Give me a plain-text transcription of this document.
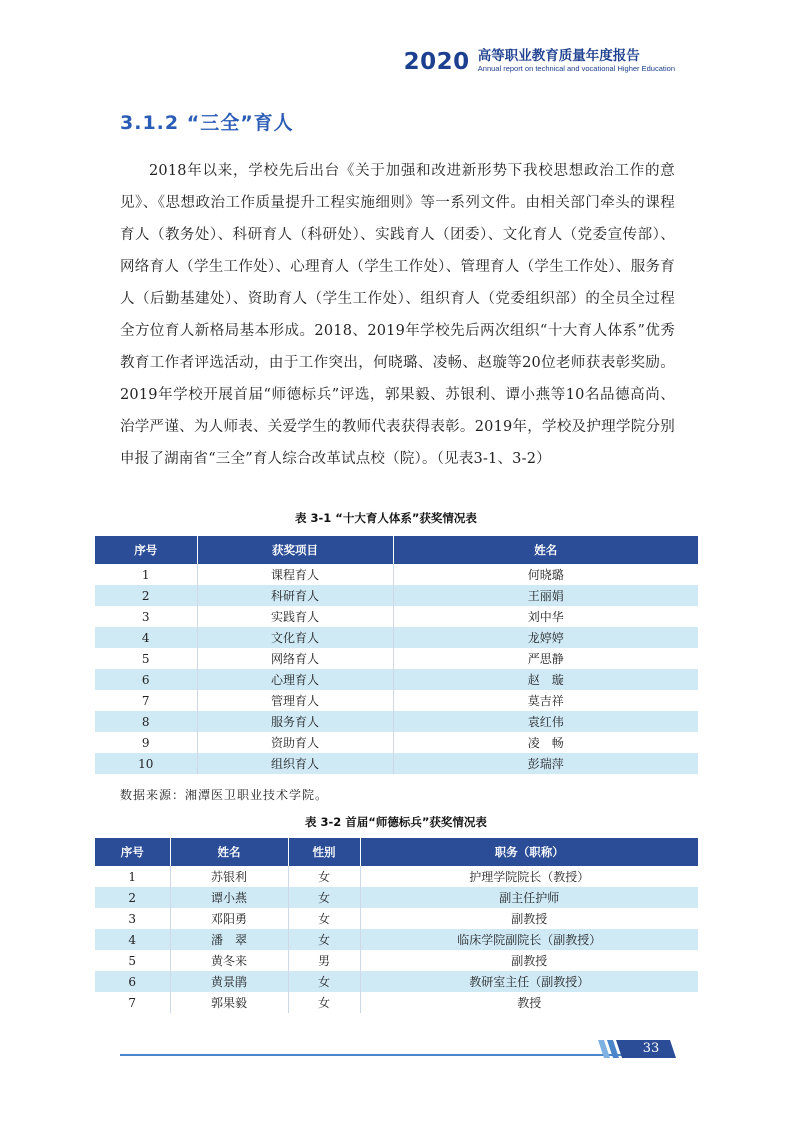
2020 高等职业教育质量年度报告
Annual report on technical and vocational Higher Education
3.1.2 “三全”育人
2018年以来，学校先后出台《关于加强和改进新形势下我校思想政治工作的意见》、《思想政治工作质量提升工程实施细则》等一系列文件。由相关部门牵头的课程育人（教务处）、科研育人（科研处）、实践育人（团委）、文化育人（党委宣传部）、网络育人（学生工作处）、心理育人（学生工作处）、管理育人（学生工作处）、服务育人（后勤基建处）、资助育人（学生工作处）、组织育人（党委组织部）的全员全过程全方位育人新格局基本形成。2018、2019年学校先后两次组织“十大育人体系”优秀教育工作者评选活动，由于工作突出，何晓璐、凌畅、赵璇等20位老师获表彰奖励。2019年学校开展首届“师德标兵”评选，郭果毅、苏银利、谭小燕等10名品德高尚、治学严谨、为人师表、关爱学生的教师代表获得表彰。2019年，学校及护理学院分别申报了湖南省“三全”育人综合改革试点校（院）。（见表3-1、3-2）
表 3-1 “十大育人体系”获奖情况表
序号	获奖项目	姓名
1	课程育人	何晓璐
2	科研育人	王丽娟
3	实践育人	刘中华
4	文化育人	龙婷婷
5	网络育人	严思静
6	心理育人	赵　璇
7	管理育人	莫吉祥
8	服务育人	袁红伟
9	资助育人	凌　畅
10	组织育人	彭瑞萍
数据来源：湘潭医卫职业技术学院。
表 3-2 首届“师德标兵”获奖情况表
序号	姓名	性别	职务（职称）
1	苏银利	女	护理学院院长（教授）
2	谭小燕	女	副主任护师
3	邓阳勇	女	副教授
4	潘　翠	女	临床学院副院长（副教授）
5	黄冬来	男	副教授
6	黄景鹃	女	教研室主任（副教授）
7	郭果毅	女	教授
33
